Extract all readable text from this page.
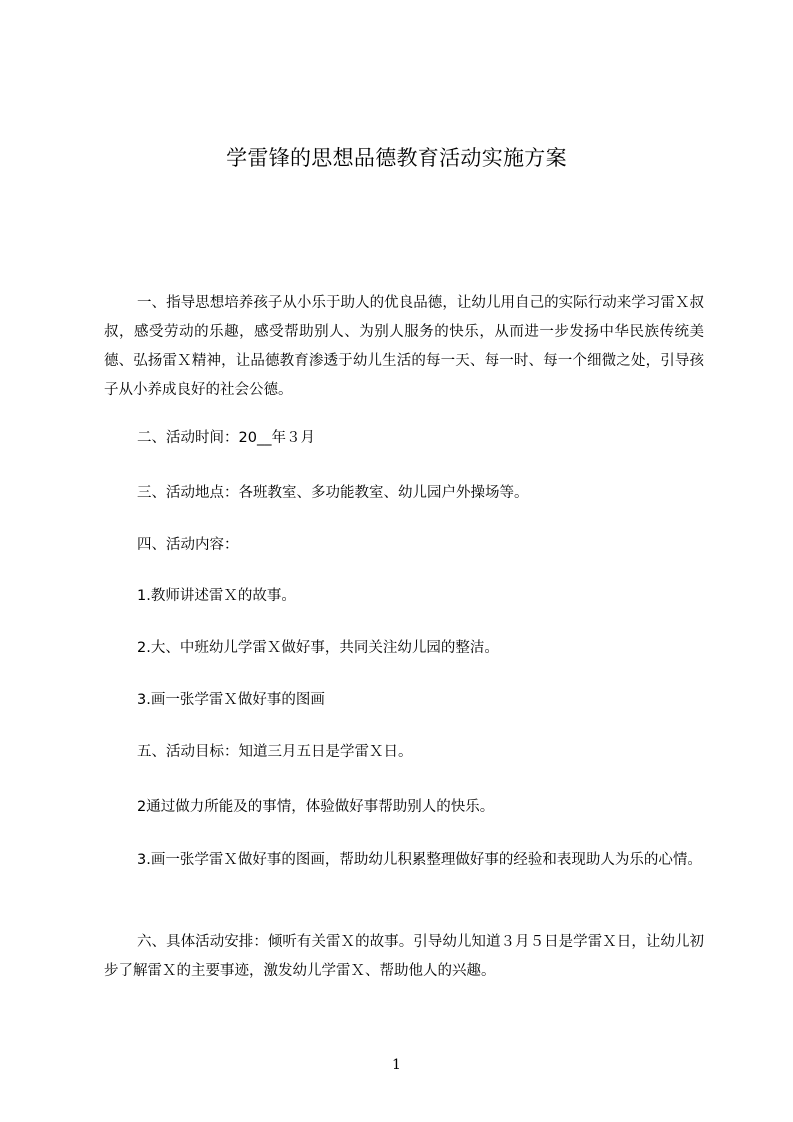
学雷锋的思想品德教育活动实施方案
一、指导思想培养孩子从小乐于助人的优良品德，让幼儿用自己的实际行动来学习雷Ｘ叔叔，感受劳动的乐趣，感受帮助别人、为别人服务的快乐，从而进一步发扬中华民族传统美德、弘扬雷Ｘ精神，让品德教育渗透于幼儿生活的每一天、每一时、每一个细微之处，引导孩子从小养成良好的社会公德。
二、活动时间：20__年３月
三、活动地点：各班教室、多功能教室、幼儿园户外操场等。
四、活动内容：
1.教师讲述雷Ｘ的故事。
2.大、中班幼儿学雷Ｘ做好事，共同关注幼儿园的整洁。
3.画一张学雷Ｘ做好事的图画
五、活动目标：知道三月五日是学雷Ｘ日。
2通过做力所能及的事情，体验做好事帮助别人的快乐。
3.画一张学雷Ｘ做好事的图画，帮助幼儿积累整理做好事的经验和表现助人为乐的心情。
六、具体活动安排：倾听有关雷Ｘ的故事。引导幼儿知道３月５日是学雷Ｘ日，让幼儿初步了解雷Ｘ的主要事迹，激发幼儿学雷Ｘ、帮助他人的兴趣。
1
